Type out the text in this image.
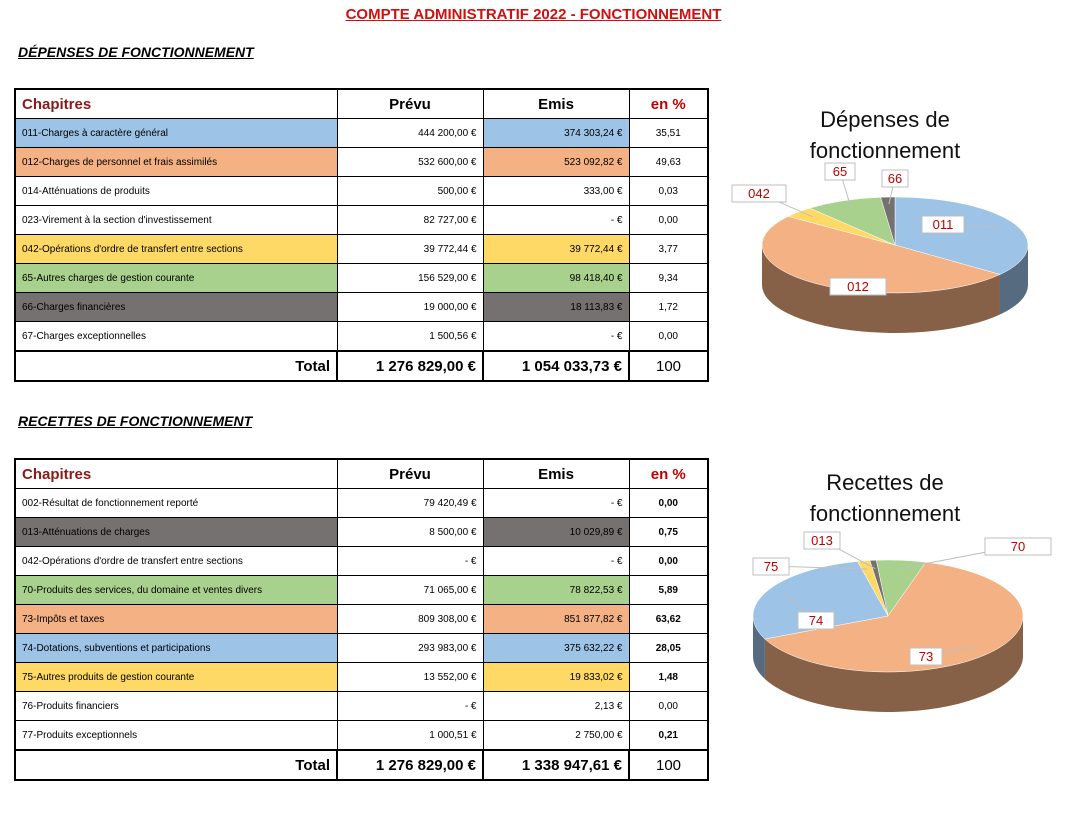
COMPTE ADMINISTRATIF 2022 - FONCTIONNEMENT
DÉPENSES DE FONCTIONNEMENT
Chapitres	Prévu	Emis	en %
011-Charges à caractère général	444 200,00 €	374 303,24 €	35,51
012-Charges de personnel et frais assimilés	532 600,00 €	523 092,82 €	49,63
014-Atténuations de produits	500,00 €	333,00 €	0,03
023-Virement à la section d'investissement	82 727,00 €	- €	0,00
042-Opérations d'ordre de transfert entre sections	39 772,44 €	39 772,44 €	3,77
65-Autres charges de gestion courante	156 529,00 €	98 418,40 €	9,34
66-Charges financières	19 000,00 €	18 113,83 €	1,72
67-Charges exceptionnelles	1 500,56 €	- €	0,00
Total	1 276 829,00 €	1 054 033,73 €	100
Dépenses de fonctionnement
011
012
042
65	66
RECETTES DE FONCTIONNEMENT
Chapitres	Prévu	Emis	en %
002-Résultat de fonctionnement reporté	79 420,49 €	- €	0,00
013-Atténuations de charges	8 500,00 €	10 029,89 €	0,75
042-Opérations d'ordre de transfert entre sections	- €	- €	0,00
70-Produits des services, du domaine et ventes divers	71 065,00 €	78 822,53 €	5,89
73-Impôts et taxes	809 308,00 €	851 877,82 €	63,62
74-Dotations, subventions et participations	293 983,00 €	375 632,22 €	28,05
75-Autres produits de gestion courante	13 552,00 €	19 833,02 €	1,48
76-Produits financiers	- €	2,13 €	0,00
77-Produits exceptionnels	1 000,51 €	2 750,00 €	0,21
Total	1 276 829,00 €	1 338 947,61 €	100
Recettes de fonctionnement
70
73
74
75
013
